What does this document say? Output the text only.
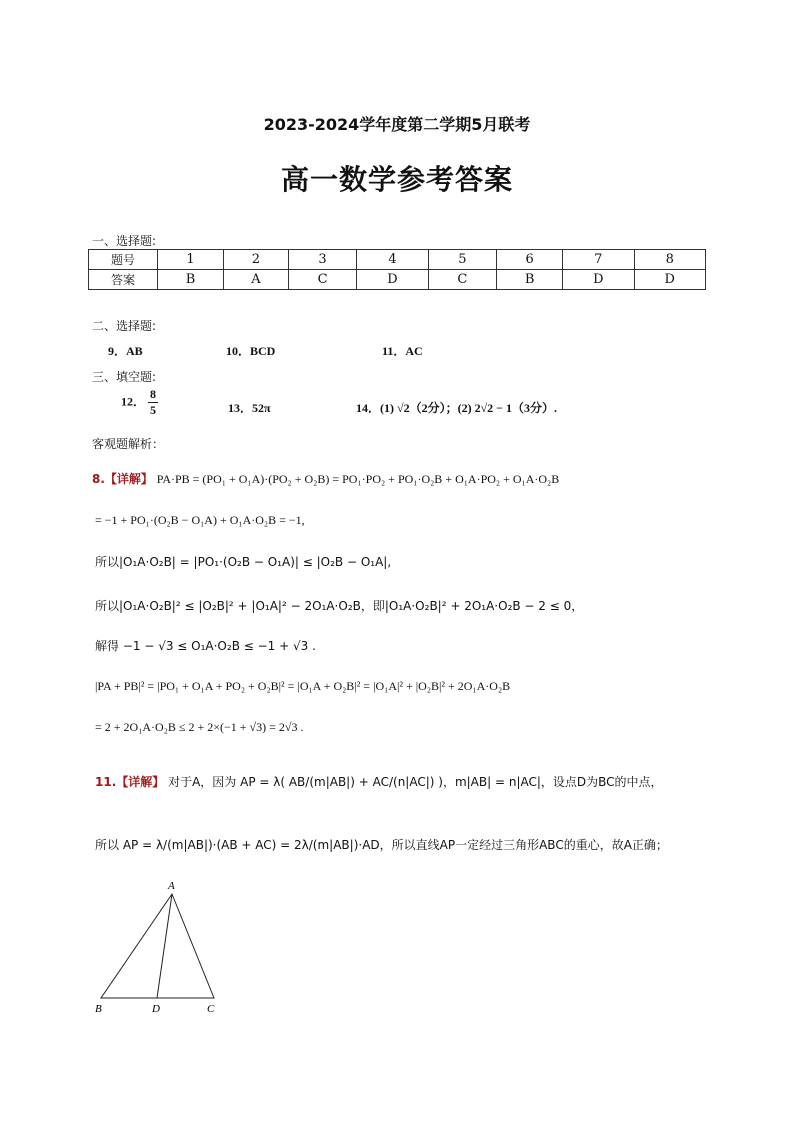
2023-2024学年度第二学期5月联考
高一数学参考答案
一、选择题:
题号	1	2	3	4	5	6	7	8
答案	B	A	C	D	C	B	D	D
二、选择题:
9．AB	10．BCD	11．AC
三、填空题:
12． $\frac{8}{5}$	13．52π	14．(1) √2（2分）；(2) 2√2 − 1（3分）.
客观题解析：
8.【详解】 PA·PB = (PO₁ + O₁A)·(PO₂ + O₂B) = PO₁·PO₂ + PO₁·O₂B + O₁A·PO₂ + O₁A·O₂B
= −1 + PO₁·(O₂B − O₁A) + O₁A·O₂B = −1,
所以|O₁A·O₂B| = |PO₁·(O₂B − O₁A)| ≤ |O₂B − O₁A|,
所以|O₁A·O₂B|² ≤ |O₂B|² + |O₁A|² − 2O₁A·O₂B，即|O₁A·O₂B|² + 2O₁A·O₂B − 2 ≤ 0，
解得 −1 − √3 ≤ O₁A·O₂B ≤ −1 + √3 .
|PA + PB|² = |PO₁ + O₁A + PO₂ + O₂B|² = |O₁A + O₂B|² = |O₁A|² + |O₂B|² + 2O₁A·O₂B
= 2 + 2O₁A·O₂B ≤ 2 + 2×(−1 + √3) = 2√3 .
11.【详解】 对于A，因为 AP = λ( AB/(m|AB|) + AC/(n|AC|) )，m|AB| = n|AC|，设点D为BC的中点，
所以 AP = λ/(m|AB|)·(AB + AC) = 2λ/(m|AB|)·AD，所以直线AP一定经过三角形ABC的重心，故A正确；
A
B	D	C
